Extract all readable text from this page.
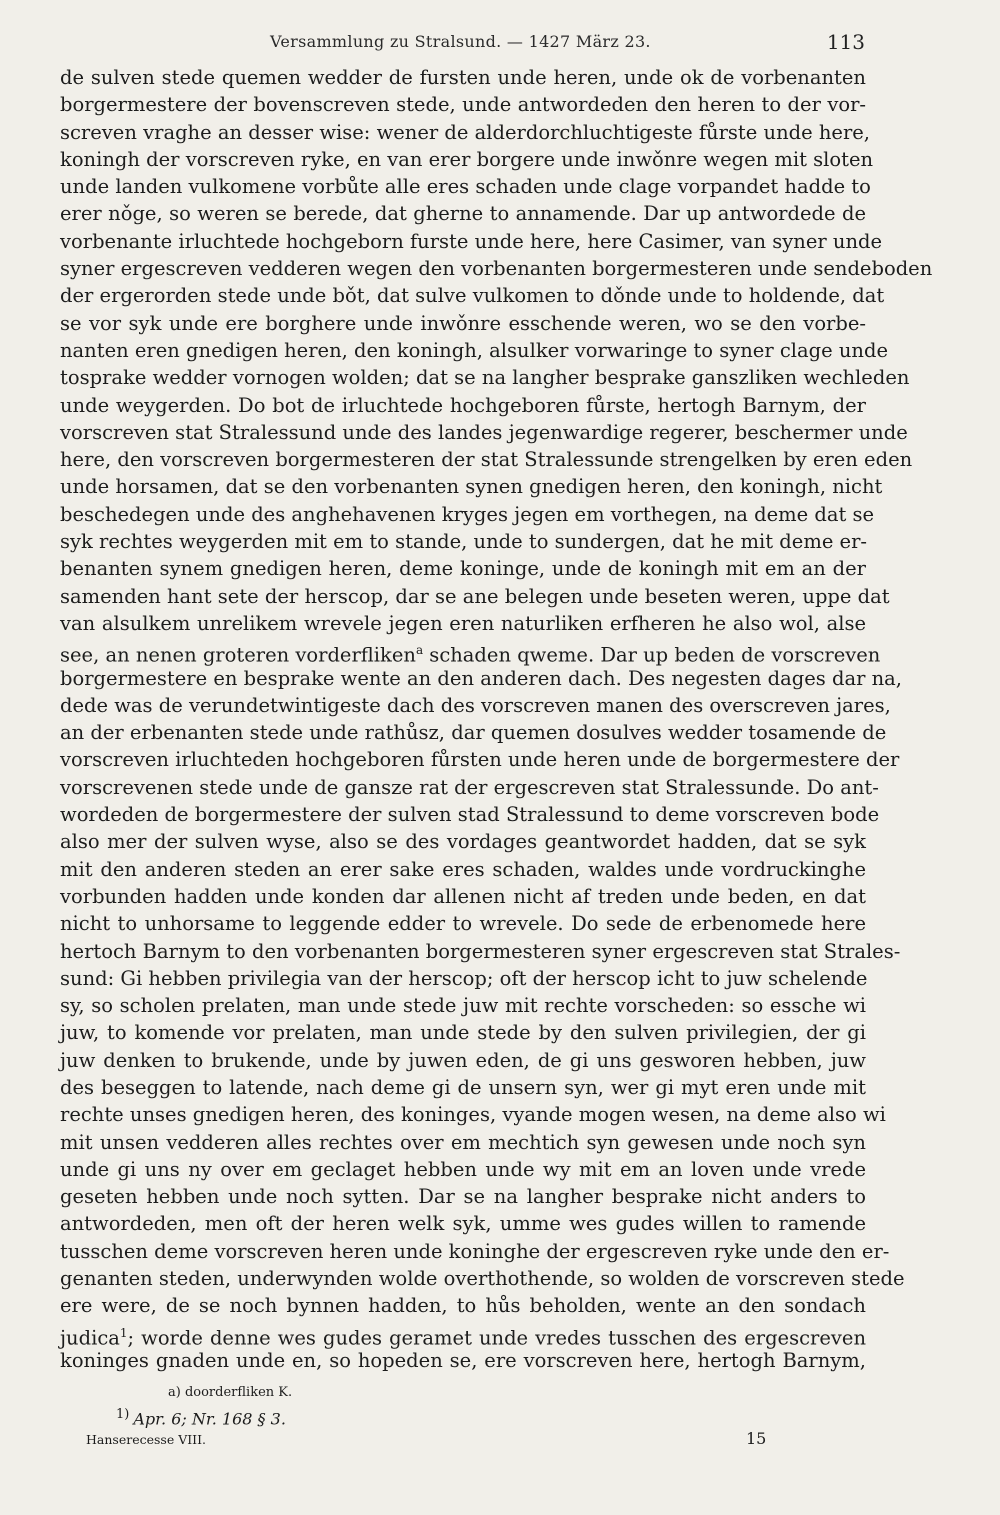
Versammlung zu Stralsund. — 1427 März 23.	113
de sulven stede quemen wedder de fursten unde heren, unde ok de vorbenanten
borgermestere der bovenscreven stede, unde antwordeden den heren to der vor-
screven vraghe an desser wise: wener de alderdorchluchtigeste fůrste unde here,
koningh der vorscreven ryke, en van erer borgere unde inwǒnre wegen mit sloten
unde landen vulkomene vorbůte alle eres schaden unde clage vorpandet hadde to
erer nǒge, so weren se berede, dat gherne to annamende. Dar up antwordede de
vorbenante irluchtede hochgeborn furste unde here, here Casimer, van syner unde
syner ergescreven vedderen wegen den vorbenanten borgermesteren unde sendeboden
der ergerorden stede unde bǒt, dat sulve vulkomen to dǒnde unde to holdende, dat
se vor syk unde ere borghere unde inwǒnre esschende weren, wo se den vorbe-
nanten eren gnedigen heren, den koningh, alsulker vorwaringe to syner clage unde
tosprake wedder vornogen wolden; dat se na langher besprake ganszliken wechleden
unde weygerden. Do bot de irluchtede hochgeboren fůrste, hertogh Barnym, der
vorscreven stat Stralessund unde des landes jegenwardige regerer, beschermer unde
here, den vorscreven borgermesteren der stat Stralessunde strengelken by eren eden
unde horsamen, dat se den vorbenanten synen gnedigen heren, den koningh, nicht
beschedegen unde des anghehavenen kryges jegen em vorthegen, na deme dat se
syk rechtes weygerden mit em to stande, unde to sundergen, dat he mit deme er-
benanten synem gnedigen heren, deme koninge, unde de koningh mit em an der
samenden hant sete der herscop, dar se ane belegen unde beseten weren, uppe dat
van alsulkem unrelikem wrevele jegen eren naturliken erfheren he also wol, alse
see, an nenen groteren vorderfliken$^a$ schaden qweme. Dar up beden de vorscreven
borgermestere en besprake wente an den anderen dach. Des negesten dages dar na,
dede was de verundetwintigeste dach des vorscreven manen des overscreven jares,
an der erbenanten stede unde rathůsz, dar quemen dosulves wedder tosamende de
vorscreven irluchteden hochgeboren fůrsten unde heren unde de borgermestere der
vorscrevenen stede unde de gansze rat der ergescreven stat Stralessunde. Do ant-
wordeden de borgermestere der sulven stad Stralessund to deme vorscreven bode
also mer der sulven wyse, also se des vordages geantwordet hadden, dat se syk
mit den anderen steden an erer sake eres schaden, waldes unde vordruckinghe
vorbunden hadden unde konden dar allenen nicht af treden unde beden, en dat
nicht to unhorsame to leggende edder to wrevele. Do sede de erbenomede here
hertoch Barnym to den vorbenanten borgermesteren syner ergescreven stat Strales-
sund: Gi hebben privilegia van der herscop; oft der herscop icht to juw schelende
sy, so scholen prelaten, man unde stede juw mit rechte vorscheden: so essche wi
juw, to komende vor prelaten, man unde stede by den sulven privilegien, der gi
juw denken to brukende, unde by juwen eden, de gi uns gesworen hebben, juw
des beseggen to latende, nach deme gi de unsern syn, wer gi myt eren unde mit
rechte unses gnedigen heren, des koninges, vyande mogen wesen, na deme also wi
mit unsen vedderen alles rechtes over em mechtich syn gewesen unde noch syn
unde gi uns ny over em geclaget hebben unde wy mit em an loven unde vrede
geseten hebben unde noch sytten. Dar se na langher besprake nicht anders to
antwordeden, men oft der heren welk syk, umme wes gudes willen to ramende
tusschen deme vorscreven heren unde koninghe der ergescreven ryke unde den er-
genanten steden, underwynden wolde overthothende, so wolden de vorscreven stede
ere were, de se noch bynnen hadden, to hůs beholden, wente an den sondach
judica$^1$; worde denne wes gudes geramet unde vredes tusschen des ergescreven
koninges gnaden unde en, so hopeden se, ere vorscreven here, hertogh Barnym,
a) doorderfliken K.
$^{1)}$ Apr. 6; Nr. 168 § 3.
Hanserecesse VIII.	15
